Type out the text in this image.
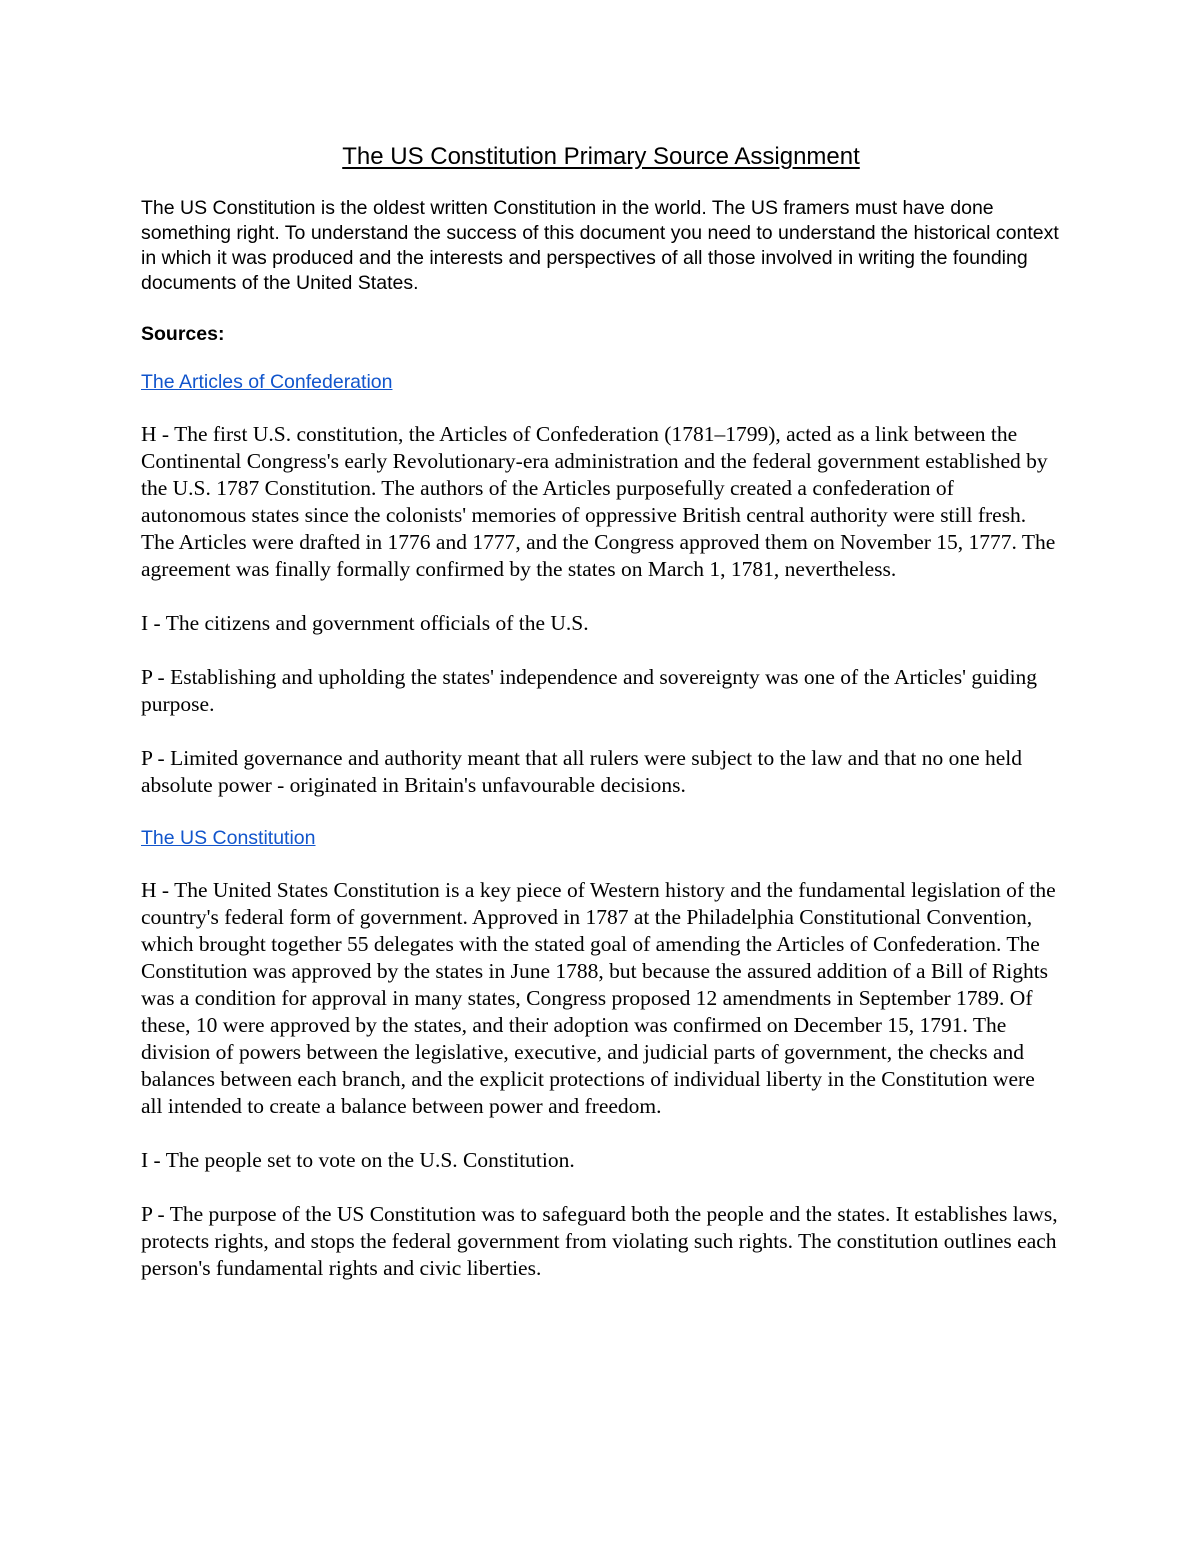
The US Constitution Primary Source Assignment

The US Constitution is the oldest written Constitution in the world. The US framers must have done something right. To understand the success of this document you need to understand the historical context in which it was produced and the interests and perspectives of all those involved in writing the founding documents of the United States.

Sources:

The Articles of Confederation

H - The first U.S. constitution, the Articles of Confederation (1781–1799), acted as a link between the Continental Congress's early Revolutionary-era administration and the federal government established by the U.S. 1787 Constitution. The authors of the Articles purposefully created a confederation of autonomous states since the colonists' memories of oppressive British central authority were still fresh. The Articles were drafted in 1776 and 1777, and the Congress approved them on November 15, 1777. The agreement was finally formally confirmed by the states on March 1, 1781, nevertheless.

I - The citizens and government officials of the U.S.

P - Establishing and upholding the states' independence and sovereignty was one of the Articles' guiding purpose.

P - Limited governance and authority meant that all rulers were subject to the law and that no one held absolute power - originated in Britain's unfavourable decisions.

The US Constitution

H - The United States Constitution is a key piece of Western history and the fundamental legislation of the country's federal form of government. Approved in 1787 at the Philadelphia Constitutional Convention, which brought together 55 delegates with the stated goal of amending the Articles of Confederation. The Constitution was approved by the states in June 1788, but because the assured addition of a Bill of Rights was a condition for approval in many states, Congress proposed 12 amendments in September 1789. Of these, 10 were approved by the states, and their adoption was confirmed on December 15, 1791. The division of powers between the legislative, executive, and judicial parts of government, the checks and balances between each branch, and the explicit protections of individual liberty in the Constitution were all intended to create a balance between power and freedom.

I - The people set to vote on the U.S. Constitution.

P - The purpose of the US Constitution was to safeguard both the people and the states. It establishes laws, protects rights, and stops the federal government from violating such rights. The constitution outlines each person's fundamental rights and civic liberties.
